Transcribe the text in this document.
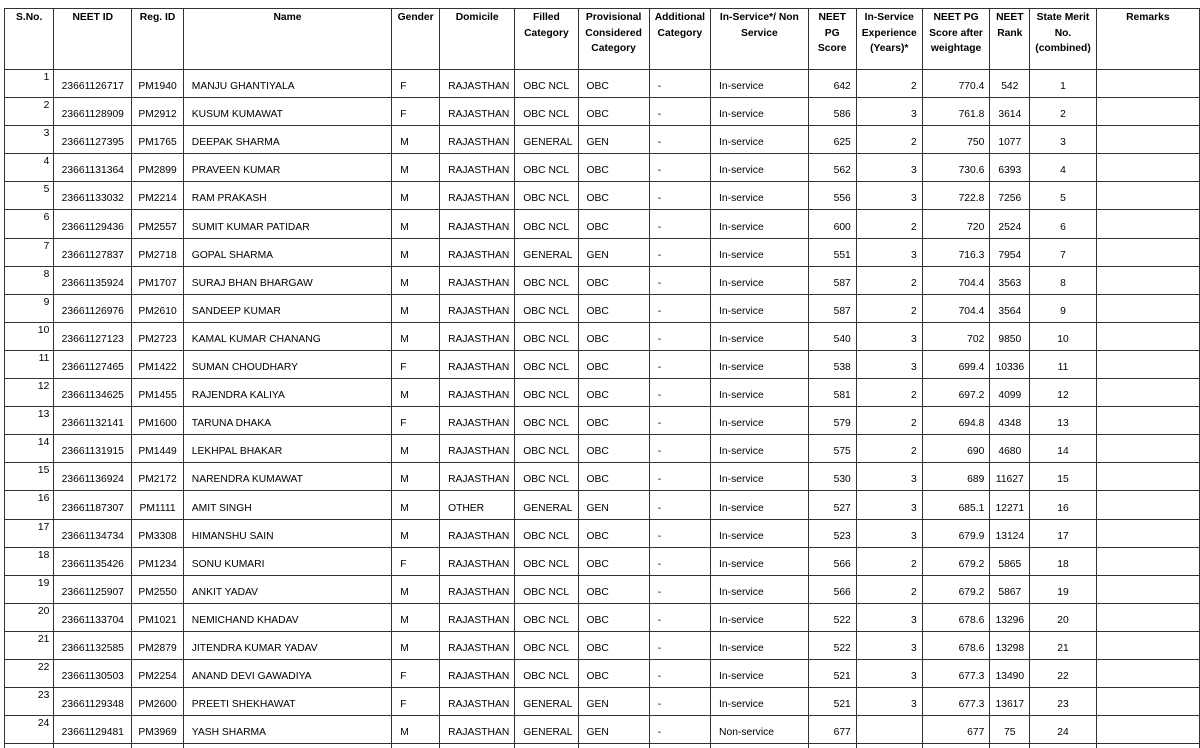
S.No.	NEET ID	Reg. ID	Name	Gender	Domicile	Filled Category	Provisional Considered Category	Additional Category	In-Service*/ Non Service	NEET PG Score	In-Service Experience (Years)*	NEET PG Score after weightage	NEET Rank	State Merit No. (combined)	Remarks
1	23661126717	PM1940	MANJU GHANTIYALA	F	RAJASTHAN	OBC NCL	OBC	-	In-service	642	2	770.4	542	1	
2	23661128909	PM2912	KUSUM KUMAWAT	F	RAJASTHAN	OBC NCL	OBC	-	In-service	586	3	761.8	3614	2	
3	23661127395	PM1765	DEEPAK SHARMA	M	RAJASTHAN	GENERAL	GEN	-	In-service	625	2	750	1077	3	
4	23661131364	PM2899	PRAVEEN KUMAR	M	RAJASTHAN	OBC NCL	OBC	-	In-service	562	3	730.6	6393	4	
5	23661133032	PM2214	RAM PRAKASH	M	RAJASTHAN	OBC NCL	OBC	-	In-service	556	3	722.8	7256	5	
6	23661129436	PM2557	SUMIT KUMAR PATIDAR	M	RAJASTHAN	OBC NCL	OBC	-	In-service	600	2	720	2524	6	
7	23661127837	PM2718	GOPAL SHARMA	M	RAJASTHAN	GENERAL	GEN	-	In-service	551	3	716.3	7954	7	
8	23661135924	PM1707	SURAJ BHAN BHARGAW	M	RAJASTHAN	OBC NCL	OBC	-	In-service	587	2	704.4	3563	8	
9	23661126976	PM2610	SANDEEP KUMAR	M	RAJASTHAN	OBC NCL	OBC	-	In-service	587	2	704.4	3564	9	
10	23661127123	PM2723	KAMAL KUMAR CHANANG	M	RAJASTHAN	OBC NCL	OBC	-	In-service	540	3	702	9850	10	
11	23661127465	PM1422	SUMAN CHOUDHARY	F	RAJASTHAN	OBC NCL	OBC	-	In-service	538	3	699.4	10336	11	
12	23661134625	PM1455	RAJENDRA KALIYA	M	RAJASTHAN	OBC NCL	OBC	-	In-service	581	2	697.2	4099	12	
13	23661132141	PM1600	TARUNA DHAKA	F	RAJASTHAN	OBC NCL	OBC	-	In-service	579	2	694.8	4348	13	
14	23661131915	PM1449	LEKHPAL BHAKAR	M	RAJASTHAN	OBC NCL	OBC	-	In-service	575	2	690	4680	14	
15	23661136924	PM2172	NARENDRA KUMAWAT	M	RAJASTHAN	OBC NCL	OBC	-	In-service	530	3	689	11627	15	
16	23661187307	PM1111	AMIT SINGH	M	OTHER	GENERAL	GEN	-	In-service	527	3	685.1	12271	16	
17	23661134734	PM3308	HIMANSHU SAIN	M	RAJASTHAN	OBC NCL	OBC	-	In-service	523	3	679.9	13124	17	
18	23661135426	PM1234	SONU KUMARI	F	RAJASTHAN	OBC NCL	OBC	-	In-service	566	2	679.2	5865	18	
19	23661125907	PM2550	ANKIT YADAV	M	RAJASTHAN	OBC NCL	OBC	-	In-service	566	2	679.2	5867	19	
20	23661133704	PM1021	NEMICHAND KHADAV	M	RAJASTHAN	OBC NCL	OBC	-	In-service	522	3	678.6	13296	20	
21	23661132585	PM2879	JITENDRA KUMAR YADAV	M	RAJASTHAN	OBC NCL	OBC	-	In-service	522	3	678.6	13298	21	
22	23661130503	PM2254	ANAND DEVI GAWADIYA	F	RAJASTHAN	OBC NCL	OBC	-	In-service	521	3	677.3	13490	22	
23	23661129348	PM2600	PREETI SHEKHAWAT	F	RAJASTHAN	GENERAL	GEN	-	In-service	521	3	677.3	13617	23	
24	23661129481	PM3969	YASH SHARMA	M	RAJASTHAN	GENERAL	GEN	-	Non-service	677		677	75	24	
